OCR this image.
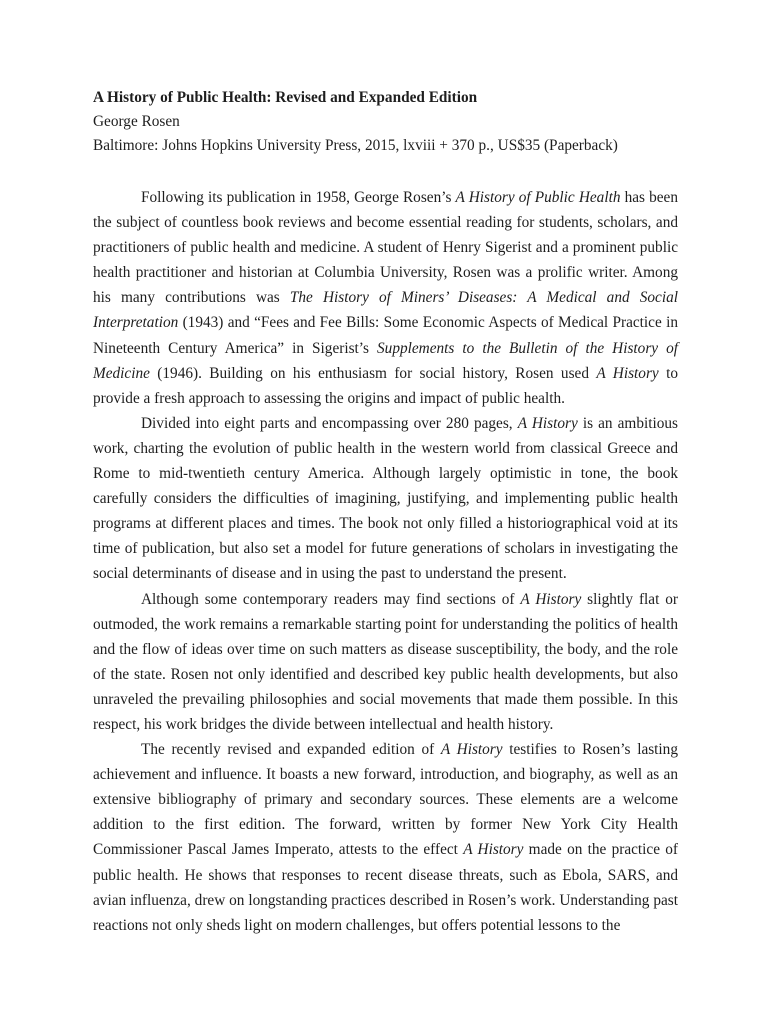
A History of Public Health: Revised and Expanded Edition
George Rosen
Baltimore: Johns Hopkins University Press, 2015, lxviii + 370 p., US$35 (Paperback)

Following its publication in 1958, George Rosen’s A History of Public Health has been the subject of countless book reviews and become essential reading for students, scholars, and practitioners of public health and medicine. A student of Henry Sigerist and a prominent public health practitioner and historian at Columbia University, Rosen was a prolific writer. Among his many contributions was The History of Miners’ Diseases: A Medical and Social Interpretation (1943) and “Fees and Fee Bills: Some Economic Aspects of Medical Practice in Nineteenth Century America” in Sigerist’s Supplements to the Bulletin of the History of Medicine (1946). Building on his enthusiasm for social history, Rosen used A History to provide a fresh approach to assessing the origins and impact of public health.

Divided into eight parts and encompassing over 280 pages, A History is an ambitious work, charting the evolution of public health in the western world from classical Greece and Rome to mid-twentieth century America. Although largely optimistic in tone, the book carefully considers the difficulties of imagining, justifying, and implementing public health programs at different places and times. The book not only filled a historiographical void at its time of publication, but also set a model for future generations of scholars in investigating the social determinants of disease and in using the past to understand the present.

Although some contemporary readers may find sections of A History slightly flat or outmoded, the work remains a remarkable starting point for understanding the politics of health and the flow of ideas over time on such matters as disease susceptibility, the body, and the role of the state. Rosen not only identified and described key public health developments, but also unraveled the prevailing philosophies and social movements that made them possible. In this respect, his work bridges the divide between intellectual and health history.

The recently revised and expanded edition of A History testifies to Rosen’s lasting achievement and influence. It boasts a new forward, introduction, and biography, as well as an extensive bibliography of primary and secondary sources. These elements are a welcome addition to the first edition. The forward, written by former New York City Health Commissioner Pascal James Imperato, attests to the effect A History made on the practice of public health. He shows that responses to recent disease threats, such as Ebola, SARS, and avian influenza, drew on longstanding practices described in Rosen’s work. Understanding past reactions not only sheds light on modern challenges, but offers potential lessons to the
